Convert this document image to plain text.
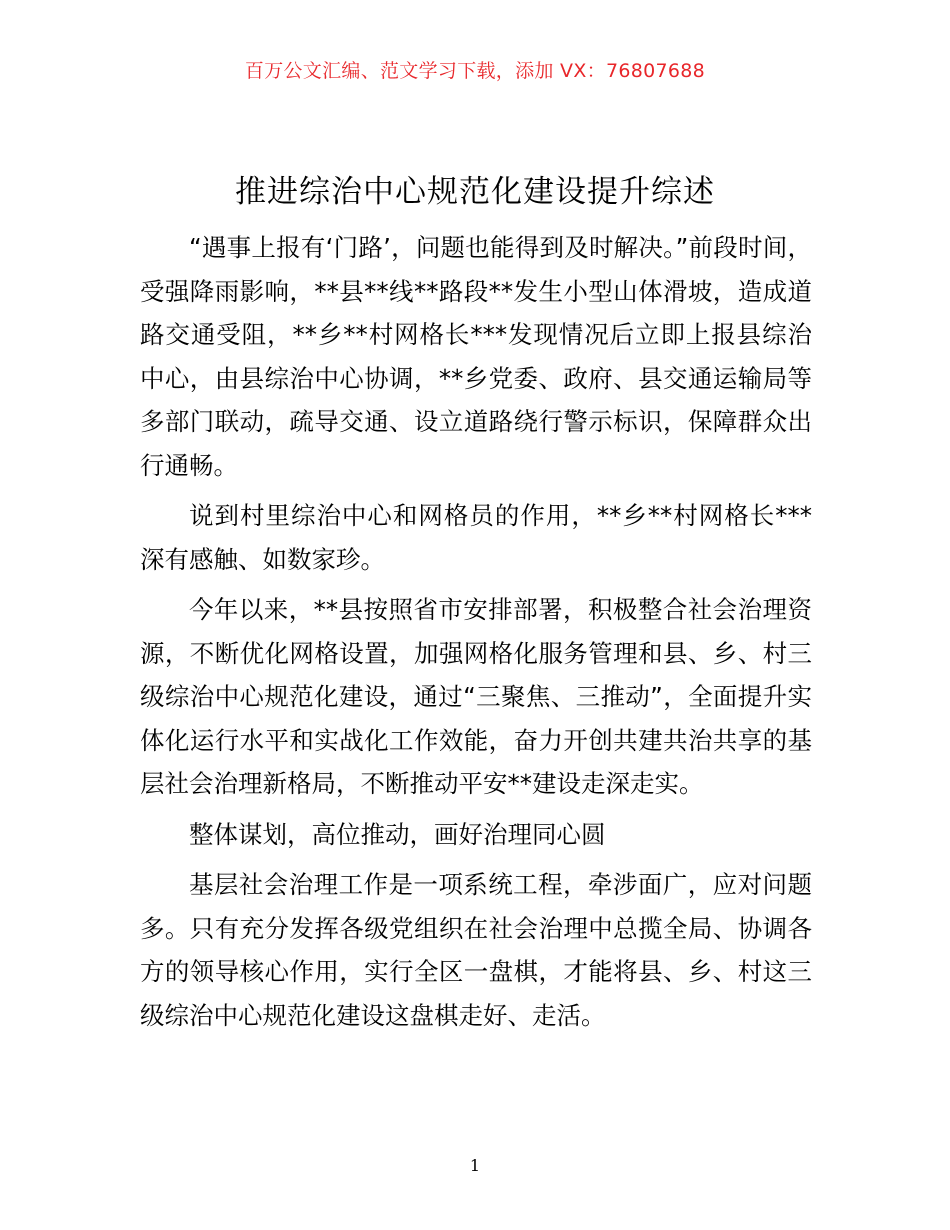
百万公文汇编、范文学习下载，添加 VX：76807688
推进综治中心规范化建设提升综述

“遇事上报有‘门路’，问题也能得到及时解决。”前段时间，受强降雨影响，**县**线**路段**发生小型山体滑坡，造成道路交通受阻，**乡**村网格长***发现情况后立即上报县综治中心，由县综治中心协调，**乡党委、政府、县交通运输局等多部门联动，疏导交通、设立道路绕行警示标识，保障群众出行通畅。

说到村里综治中心和网格员的作用，**乡**村网格长***深有感触、如数家珍。

今年以来，**县按照省市安排部署，积极整合社会治理资源，不断优化网格设置，加强网格化服务管理和县、乡、村三级综治中心规范化建设，通过“三聚焦、三推动”，全面提升实体化运行水平和实战化工作效能，奋力开创共建共治共享的基层社会治理新格局，不断推动平安**建设走深走实。

整体谋划，高位推动，画好治理同心圆

基层社会治理工作是一项系统工程，牵涉面广，应对问题多。只有充分发挥各级党组织在社会治理中总揽全局、协调各方的领导核心作用，实行全区一盘棋，才能将县、乡、村这三级综治中心规范化建设这盘棋走好、走活。

1
